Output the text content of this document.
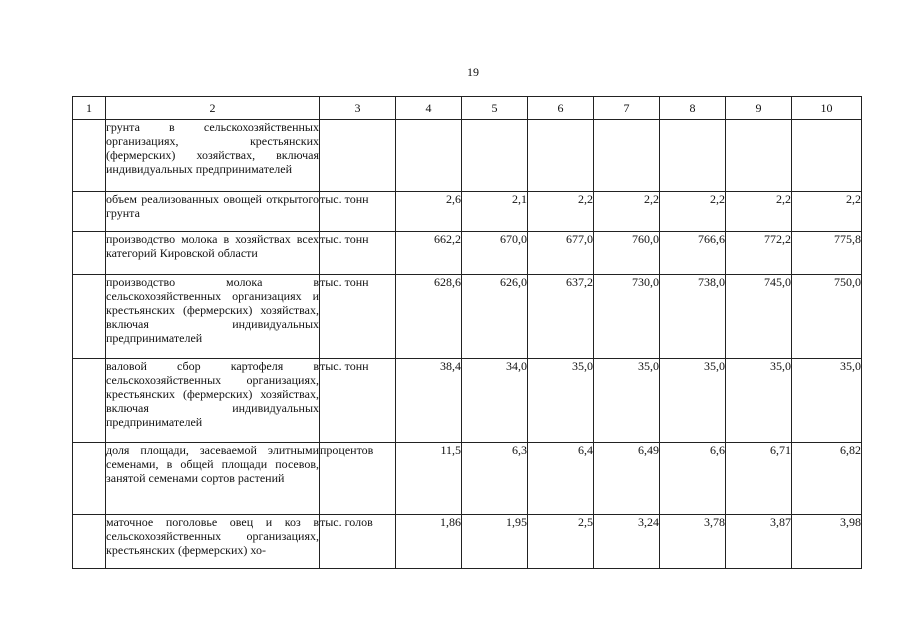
19
1	2	3	4	5	6	7	8	9	10
	грунта в сельскохозяйственных организациях, крестьянских (фермерских) хозяйствах, включая индивидуальных предпринимателей								
	объем реализованных овощей открытого грунта	тыс. тонн	2,6	2,1	2,2	2,2	2,2	2,2	2,2
	производство молока в хозяйствах всех категорий Кировской области	тыс. тонн	662,2	670,0	677,0	760,0	766,6	772,2	775,8
	производство молока в сельскохозяйственных организациях и крестьянских (фермерских) хозяйствах, включая индивидуальных предпринимателей	тыс. тонн	628,6	626,0	637,2	730,0	738,0	745,0	750,0
	валовой сбор картофеля в сельскохозяйственных организациях, крестьянских (фермерских) хозяйствах, включая индивидуальных предпринимателей	тыс. тонн	38,4	34,0	35,0	35,0	35,0	35,0	35,0
	доля площади, засеваемой элитными семенами, в общей площади посевов, занятой семенами сортов растений	процентов	11,5	6,3	6,4	6,49	6,6	6,71	6,82
	маточное поголовье овец и коз в сельскохозяйственных организациях, крестьянских (фермерских) хо-	тыс. голов	1,86	1,95	2,5	3,24	3,78	3,87	3,98
